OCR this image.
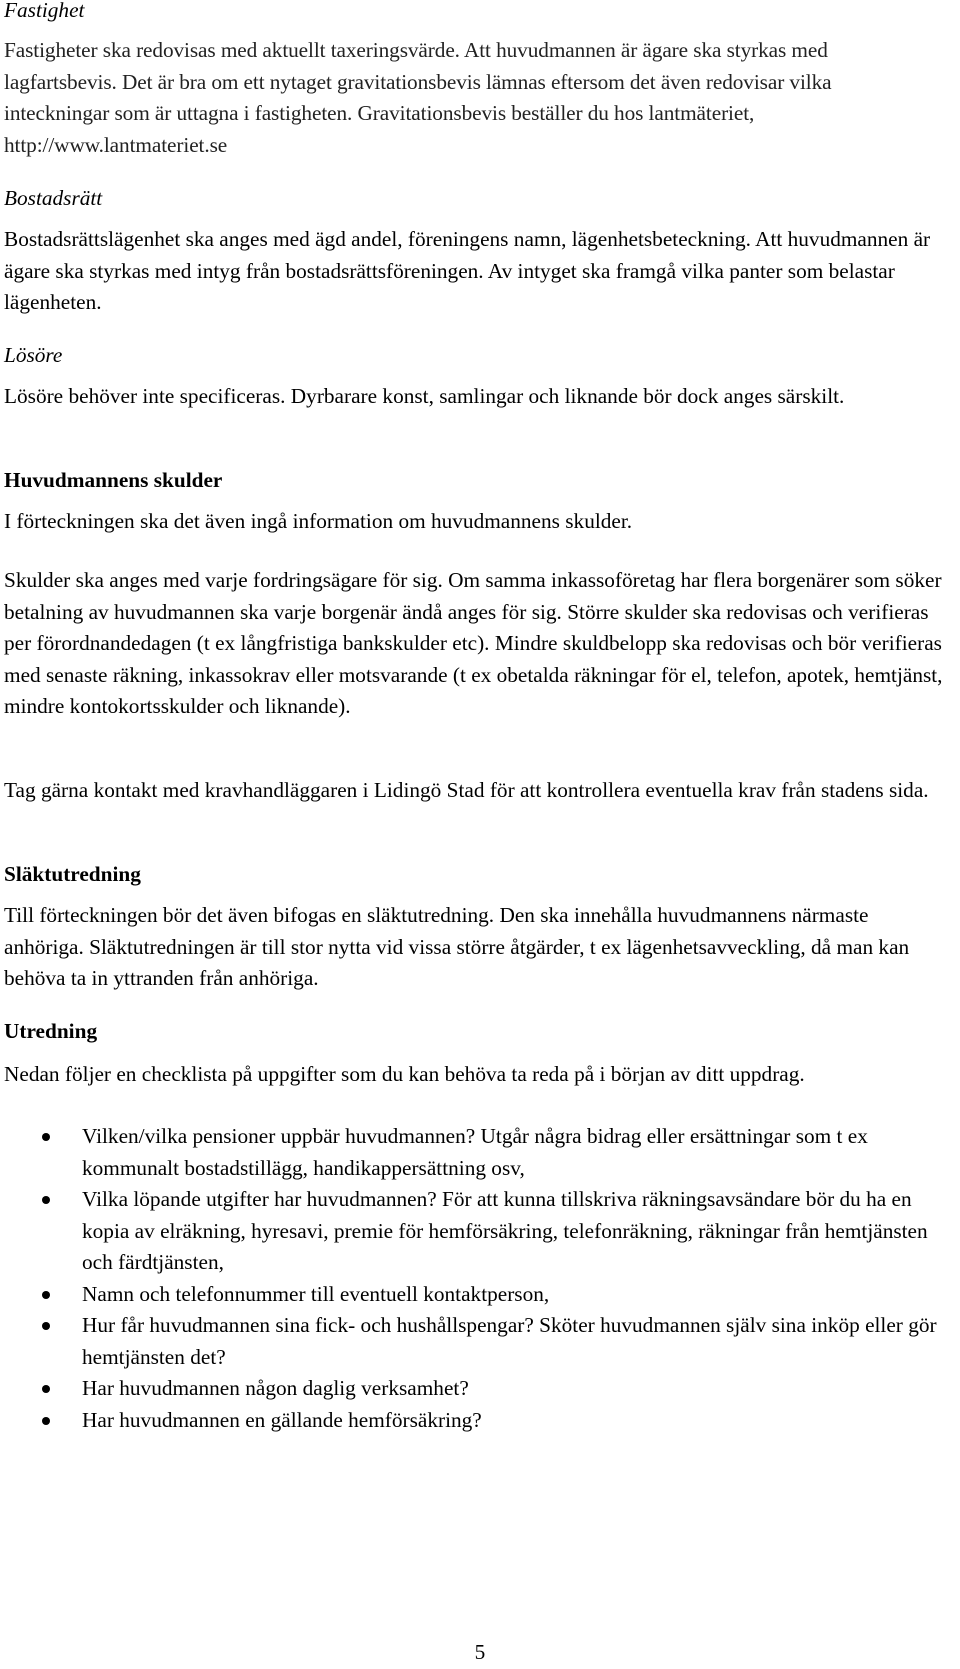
Fastighet

Fastigheter ska redovisas med aktuellt taxeringsvärde. Att huvudmannen är ägare ska styrkas med lagfartsbevis. Det är bra om ett nytaget gravitationsbevis lämnas eftersom det även redovisar vilka inteckningar som är uttagna i fastigheten. Gravitationsbevis beställer du hos lantmäteriet, http://www.lantmateriet.se

Bostadsrätt

Bostadsrättslägenhet ska anges med ägd andel, föreningens namn, lägenhetsbeteckning. Att huvudmannen är ägare ska styrkas med intyg från bostadsrättsföreningen. Av intyget ska framgå vilka panter som belastar lägenheten.

Lösöre

Lösöre behöver inte specificeras. Dyrbarare konst, samlingar och liknande bör dock anges särskilt.

Huvudmannens skulder

I förteckningen ska det även ingå information om huvudmannens skulder.

Skulder ska anges med varje fordringsägare för sig. Om samma inkassoföretag har flera borgenärer som söker betalning av huvudmannen ska varje borgenär ändå anges för sig. Större skulder ska redovisas och verifieras per förordnandedagen (t ex långfristiga bankskulder etc). Mindre skuldbelopp ska redovisas och bör verifieras med senaste räkning, inkassokrav eller motsvarande (t ex obetalda räkningar för el, telefon, apotek, hemtjänst, mindre kontokortsskulder och liknande).

Tag gärna kontakt med kravhandläggaren i Lidingö Stad för att kontrollera eventuella krav från stadens sida.

Släktutredning

Till förteckningen bör det även bifogas en släktutredning. Den ska innehålla huvudmannens närmaste anhöriga. Släktutredningen är till stor nytta vid vissa större åtgärder, t ex lägenhetsavveckling, då man kan behöva ta in yttranden från anhöriga.

Utredning

Nedan följer en checklista på uppgifter som du kan behöva ta reda på i början av ditt uppdrag.

Vilken/vilka pensioner uppbär huvudmannen? Utgår några bidrag eller ersättningar som t ex kommunalt bostadstillägg, handikappersättning osv,
Vilka löpande utgifter har huvudmannen? För att kunna tillskriva räkningsavsändare bör du ha en kopia av elräkning, hyresavi, premie för hemförsäkring, telefonräkning, räkningar från hemtjänsten och färdtjänsten,
Namn och telefonnummer till eventuell kontaktperson,
Hur får huvudmannen sina fick- och hushållspengar? Sköter huvudmannen själv sina inköp eller gör hemtjänsten det?
Har huvudmannen någon daglig verksamhet?
Har huvudmannen en gällande hemförsäkring?
5
